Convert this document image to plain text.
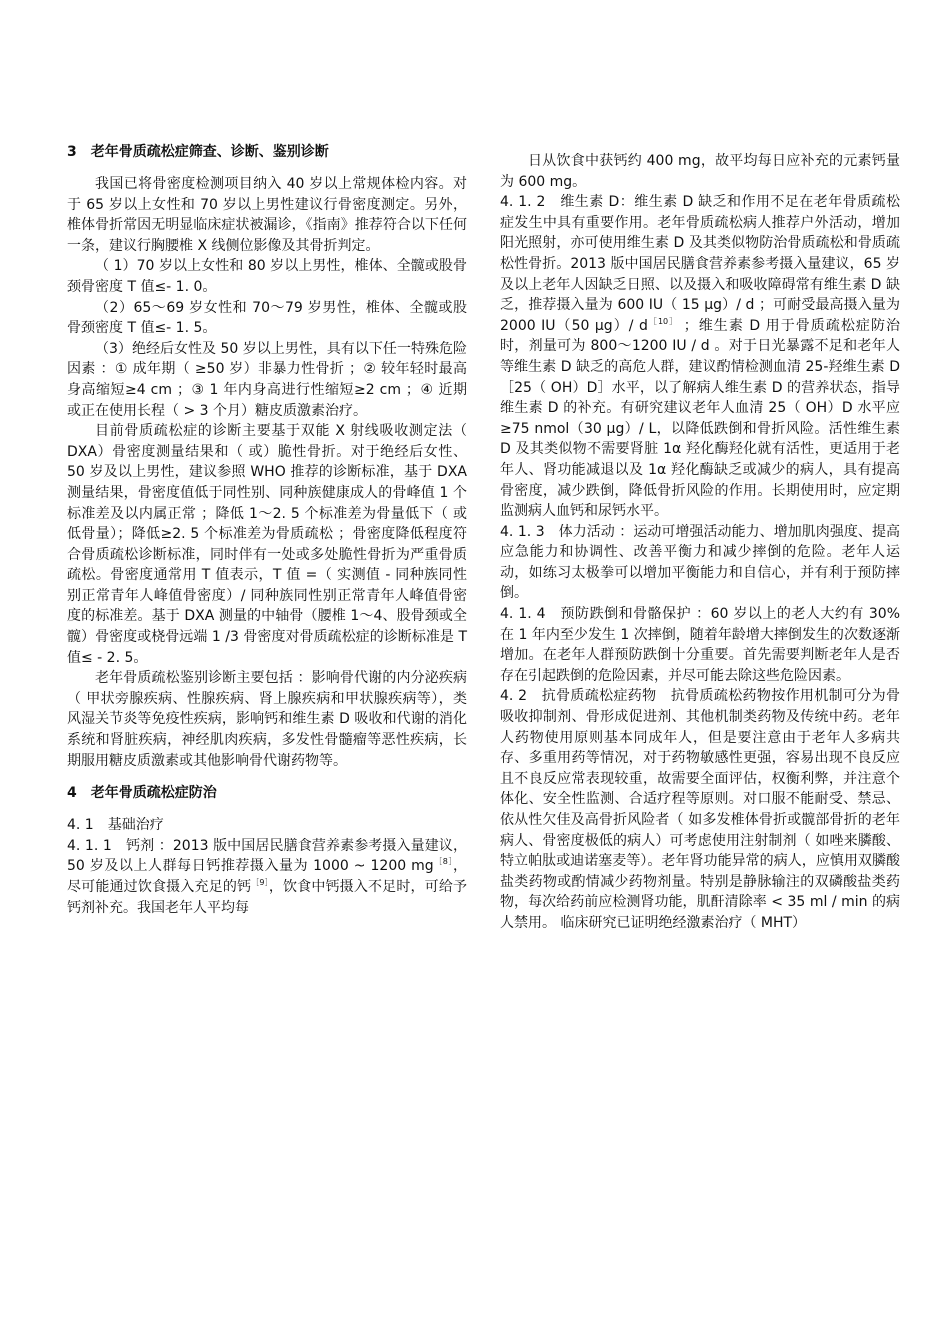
3　老年骨质疏松症筛查、诊断、鉴别诊断

我国已将骨密度检测项目纳入 40 岁以上常规体检内容。对于 65 岁以上女性和 70 岁以上男性建议行骨密度测定。另外，椎体骨折常因无明显临床症状被漏诊，《指南》推荐符合以下任何一条，建议行胸腰椎 X 线侧位影像及其骨折判定。

（ 1）70 岁以上女性和 80 岁以上男性，椎体、全髋或股骨颈骨密度 T 值≤- 1. 0。

（2）65～69 岁女性和 70～79 岁男性，椎体、全髋或股骨颈密度 T 值≤- 1. 5。

（3）绝经后女性及 50 岁以上男性，具有以下任一特殊危险因素 ：① 成年期（ ≥50 岁）非暴力性骨折 ；② 较年轻时最高身高缩短≥4 cm ；③ 1 年内身高进行性缩短≥2 cm ；④ 近期或正在使用长程（ > 3 个月）糖皮质激素治疗。

目前骨质疏松症的诊断主要基于双能 X 射线吸收测定法（ DXA）骨密度测量结果和（ 或）脆性骨折。对于绝经后女性、50 岁及以上男性，建议参照 WHO 推荐的诊断标准，基于 DXA 测量结果，骨密度值低于同性别、同种族健康成人的骨峰值 1 个标准差及以内属正常 ；降低 1～2. 5 个标准差为骨量低下（ 或低骨量）；降低≥2. 5 个标准差为骨质疏松 ；骨密度降低程度符合骨质疏松诊断标准，同时伴有一处或多处脆性骨折为严重骨质疏松。骨密度通常用 T 值表示，T 值 =（ 实测值 - 同种族同性别正常青年人峰值骨密度）/ 同种族同性别正常青年人峰值骨密度的标准差。基于 DXA 测量的中轴骨（腰椎 1～4、股骨颈或全髋）骨密度或桡骨远端 1 /3 骨密度对骨质疏松症的诊断标准是 T 值≤ - 2. 5。

老年骨质疏松鉴别诊断主要包括 ：影响骨代谢的内分泌疾病（ 甲状旁腺疾病、性腺疾病、肾上腺疾病和甲状腺疾病等），类风湿关节炎等免疫性疾病，影响钙和维生素 D 吸收和代谢的消化系统和肾脏疾病，神经肌肉疾病，多发性骨髓瘤等恶性疾病，长期服用糖皮质激素或其他影响骨代谢药物等。

4　老年骨质疏松症防治

4. 1　基础治疗

4. 1. 1　钙剂 ：2013 版中国居民膳食营养素参考摄入量建议，50 岁及以上人群每日钙推荐摄入量为 1000 ~ 1200 $mg^{[8]}$，尽可能通过饮食摄入充足的钙$^{[9]}$，饮食中钙摄入不足时，可给予钙剂补充。我国老年人平均每

日从饮食中获钙约 400 mg，故平均每日应补充的元素钙量为 600 mg。

4. 1. 2　维生素 D：维生素 D 缺乏和作用不足在老年骨质疏松症发生中具有重要作用。老年骨质疏松病人推荐户外活动，增加阳光照射，亦可使用维生素 D 及其类似物防治骨质疏松和骨质疏松性骨折。2013 版中国居民膳食营养素参考摄入量建议，65 岁及以上老年人因缺乏日照、以及摄入和吸收障碍常有维生素 D 缺乏，推荐摄入量为 600 IU（ 15 μg）/ d ；可耐受最高摄入量为 2000 IU（50 μg）/ $d^{[10]}$ ；维生素 D 用于骨质疏松症防治时，剂量可为 800～1200 IU / d 。对于日光暴露不足和老年人等维生素 D 缺乏的高危人群，建议酌情检测血清 25-羟维生素 D［25（ OH）D］水平，以了解病人维生素 D 的营养状态，指导维生素 D 的补充。有研究建议老年人血清 25（ OH）D 水平应≥75 nmol（30 μg）/ L，以降低跌倒和骨折风险。活性维生素 D 及其类似物不需要肾脏 1α 羟化酶羟化就有活性，更适用于老年人、肾功能减退以及 1α 羟化酶缺乏或减少的病人，具有提高骨密度，减少跌倒，降低骨折风险的作用。长期使用时，应定期监测病人血钙和尿钙水平。

4. 1. 3　体力活动 ：运动可增强活动能力、增加肌肉强度、提高应急能力和协调性、改善平衡力和减少摔倒的危险。老年人运动，如练习太极拳可以增加平衡能力和自信心，并有利于预防摔倒。

4. 1. 4　预防跌倒和骨骼保护 ：60 岁以上的老人大约有 30%在 1 年内至少发生 1 次摔倒，随着年龄增大摔倒发生的次数逐渐增加。在老年人群预防跌倒十分重要。首先需要判断老年人是否存在引起跌倒的危险因素，并尽可能去除这些危险因素。

4. 2　抗骨质疏松症药物　抗骨质疏松药物按作用机制可分为骨吸收抑制剂、骨形成促进剂、其他机制类药物及传统中药。老年人药物使用原则基本同成年人，但是要注意由于老年人多病共存、多重用药等情况，对于药物敏感性更强，容易出现不良反应且不良反应常表现较重，故需要全面评估，权衡利弊，并注意个体化、安全性监测、合适疗程等原则。对口服不能耐受、禁忌、依从性欠佳及高骨折风险者（ 如多发椎体骨折或髋部骨折的老年病人、骨密度极低的病人）可考虑使用注射制剂（ 如唑来膦酸、特立帕肽或迪诺塞麦等）。老年肾功能异常的病人，应慎用双膦酸盐类药物或酌情减少药物剂量。特别是静脉输注的双磷酸盐类药物，每次给药前应检测肾功能，肌酐清除率 < 35 ml / min 的病人禁用。 临床研究已证明绝经激素治疗（ MHT）
